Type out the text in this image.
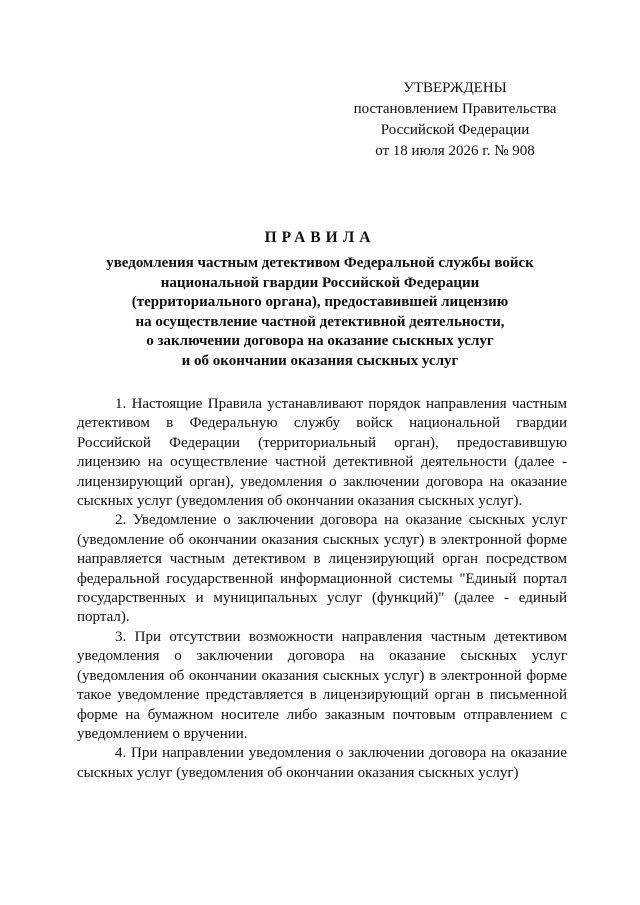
УТВЕРЖДЕНЫ
постановлением Правительства
Российской Федерации
от 18 июля 2026 г. № 908
ПРАВИЛА
уведомления частным детективом Федеральной службы войск
национальной гвардии Российской Федерации
(территориального органа), предоставившей лицензию
на осуществление частной детективной деятельности,
о заключении договора на оказание сыскных услуг
и об окончании оказания сыскных услуг

1. Настоящие Правила устанавливают порядок направления частным детективом в Федеральную службу войск национальной гвардии Российской Федерации (территориальный орган), предоставившую лицензию на осуществление частной детективной деятельности (далее - лицензирующий орган), уведомления о заключении договора на оказание сыскных услуг (уведомления об окончании оказания сыскных услуг).

2. Уведомление о заключении договора на оказание сыскных услуг (уведомление об окончании оказания сыскных услуг) в электронной форме направляется частным детективом в лицензирующий орган посредством федеральной государственной информационной системы "Единый портал государственных и муниципальных услуг (функций)" (далее - единый портал).

3. При отсутствии возможности направления частным детективом уведомления о заключении договора на оказание сыскных услуг (уведомления об окончании оказания сыскных услуг) в электронной форме такое уведомление представляется в лицензирующий орган в письменной форме на бумажном носителе либо заказным почтовым отправлением с уведомлением о вручении.

4. При направлении уведомления о заключении договора на оказание сыскных услуг (уведомления об окончании оказания сыскных услуг)
